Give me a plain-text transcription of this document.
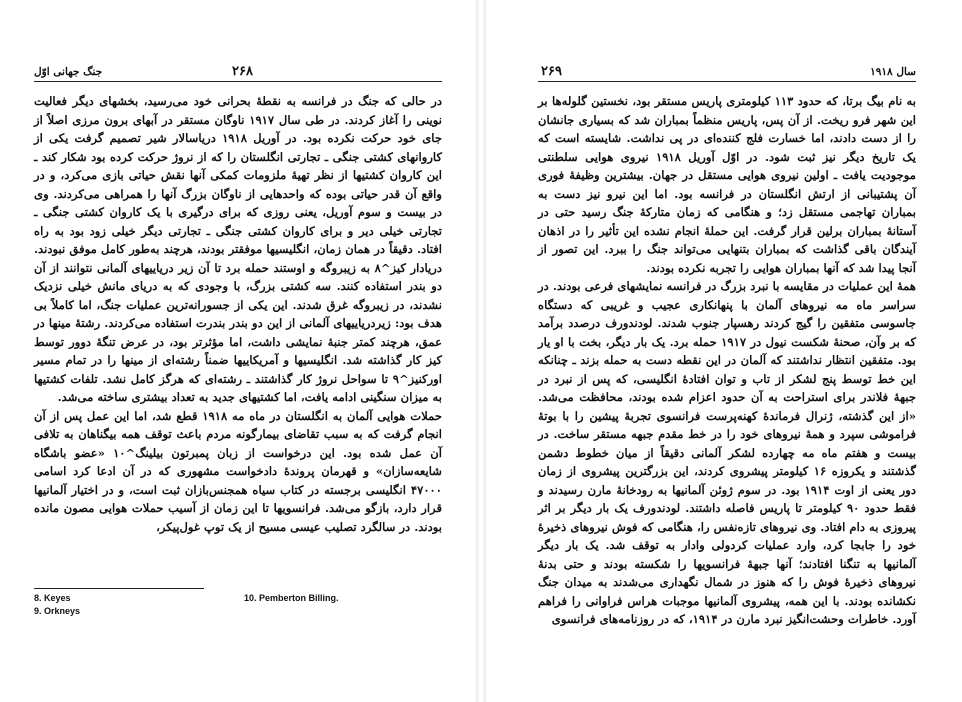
۲۶۸
جنگ جهانی اوّل

در حالی که جنگ در فرانسه به نقطهٔ بحرانی خود می‌رسید، بخشهای دیگر فعالیت نوینی را آغاز کردند. در طی سال ۱۹۱۷ ناوگان مستقر در آبهای برون مرزی اصلاً از جای خود حرکت نکرده بود. در آوریل ۱۹۱۸ دریاسالار شیر تصمیم گرفت یکی از کاروانهای کشتی جنگی ـ تجارتی انگلستان را که از نروژ حرکت کرده بود شکار کند ـ این کاروان کشتیها از نظر تهیهٔ ملزومات کمکی آنها نقش حیاتی بازی می‌کرد، و در واقع آن قدر حیاتی بوده که واحدهایی از ناوگان بزرگ آنها را همراهی می‌کردند. وی در بیست و سوم آوریل، یعنی روزی که برای درگیری با یک کاروان کشتی جنگی ـ تجارتی خیلی دیر و برای کاروان کشتی جنگی ـ تجارتی دیگر خیلی زود بود به راه افتاد. دقیقاً در همان زمان، انگلیسیها موفقتر بودند، هرچند به‌طور کامل موفق نبودند. دریادار کیز^۸ به زیبروگه و اوستند حمله برد تا آن زیر دریاییهای آلمانی نتوانند از آن دو بندر استفاده کنند. سه کشتی بزرگ، با وجودی که به دریای مانش خیلی نزدیک نشدند، در زیبروگه غرق شدند. این یکی از جسورانه‌ترین عملیات جنگ، اما کاملاً بی هدف بود: زیردریاییهای آلمانی از این دو بندر بندرت استفاده می‌کردند. رشتهٔ مینها در عمق، هرچند کمتر جنبهٔ نمایشی داشت، اما مؤثرتر بود، در عرض تنگهٔ دوور توسط کیز کار گذاشته شد. انگلیسیها و آمریکاییها ضمناً رشته‌ای از مینها را در تمام مسیر اورکنیز^۹ تا سواحل نروژ کار گذاشتند ـ رشته‌ای که هرگز کامل نشد. تلفات کشتیها به میزان سنگینی ادامه یافت، اما کشتیهای جدید به تعداد بیشتری ساخته می‌شد.

حملات هوایی آلمان به انگلستان در ماه مه ۱۹۱۸ قطع شد، اما این عمل پس از آن انجام گرفت که به سبب تقاضای بیمارگونه مردم باعث توقف همه بیگناهان به تلافی آن عمل شده بود. این درخواست از زبان پمبرتون بیلینگ^۱۰ «عضو باشگاه شایعه‌سازان» و قهرمان پروندهٔ دادخواست مشهوری که در آن ادعا کرد اسامی ۴۷۰۰۰ انگلیسی برجسته در کتاب سیاه همجنس‌بازان ثبت است، و در اختیار آلمانیها قرار دارد، بازگو می‌شد. فرانسویها تا این زمان از آسیب حملات هوایی مصون مانده بودند. در سالگرد تصلیب عیسی مسیح از یک توپ غول‌پیکر،

8. Keyes
9. Orkneys
10. Pemberton Billing.
۲۶۹	سال ۱۹۱۸

به نام بیگ برتا، که حدود ۱۱۳ کیلومتری پاریس مستقر بود، نخستین گلوله‌ها بر این شهر فرو ریخت. از آن پس، پاریس منظماً بمباران شد که بسیاری جانشان را از دست دادند، اما خسارت فلج کننده‌ای در پی نداشت. شایسته است که یک تاریخ دیگر نیز ثبت شود. در اوّل آوریل ۱۹۱۸ نیروی هوایی سلطنتی موجودیت یافت ـ اولین نیروی هوایی مستقل در جهان. بیشترین وظیفهٔ فوری آن پشتیبانی از ارتش انگلستان در فرانسه بود. اما این نیرو نیز دست به بمباران تهاجمی مستقل زد؛ و هنگامی که زمان متارکهٔ جنگ رسید حتی در آستانهٔ بمباران برلین قرار گرفت. این حمله‌ٔ انجام نشده این تأثیر را در اذهان آیندگان باقی گذاشت که بمباران بتنهایی می‌تواند جنگ را ببرد. این تصور از آنجا پیدا شد که آنها بمباران هوایی را تجربه نکرده بودند.

همهٔ این عملیات در مقایسه با نبرد بزرگ در فرانسه نمایشهای فرعی بودند. در سراسر ماه مه نیروهای آلمان با پنهانکاری عجیب و غریبی که دستگاه جاسوسی متفقین را گیج کردند رهسپار جنوب شدند. لودندورف درصدد برآمد که بر وآن، صحنهٔ شکست نیول در ۱۹۱۷ حمله برد. یک بار دیگر، بخت با او یار بود. متفقین انتظار نداشتند که آلمان در این نقطه دست به حمله بزند ـ چنانکه این خط توسط پنج لشکر از تاب و توان افتادهٔ انگلیسی، که پس از نبرد در جبههٔ فلاندر برای استراحت به آن حدود اعزام شده بودند، محافظت می‌شد. «از این گذشته، ژنرال فرماندهٔ کهنه‌پرست فرانسوی تجربهٔ پیشین را با بوتهٔ فراموشی سپرد و همهٔ نیروهای خود را در خط مقدم جبهه مستقر ساخت. در بیست و هفتم ماه مه چهارده لشکر آلمانی دقیقاً از میان خطوط دشمن گذشتند و یکروزه ۱۶ کیلومتر پیشروی کردند، این بزرگترین پیشروی از زمان دور یعنی از اوت ۱۹۱۴ بود. در سوم ژوئن آلمانیها به رودخانهٔ مارن رسیدند و فقط حدود ۹۰ کیلومتر تا پاریس فاصله داشتند. لودندورف یک بار دیگر بر اثر پیروزی به دام افتاد. وی نیروهای تازه‌نفس را، هنگامی که فوش نیروهای ذخیرهٔ خود را جابجا کرد، وارد عملیات کردولی وادار به توقف شد. یک بار دیگر آلمانیها به تنگنا افتادند؛ آنها جبههٔ فرانسویها را شکسته بودند و حتی بدنهٔ نیروهای ذخیرهٔ فوش را که هنوز در شمال نگهداری می‌شدند به میدان جنگ نکشانده بودند. با این همه، پیشروی آلمانیها موجبات هراس فراوانی را فراهم آورد. خاطرات وحشت‌انگیز نبرد مارن در ۱۹۱۴، که در روزنامه‌های فرانسوی
